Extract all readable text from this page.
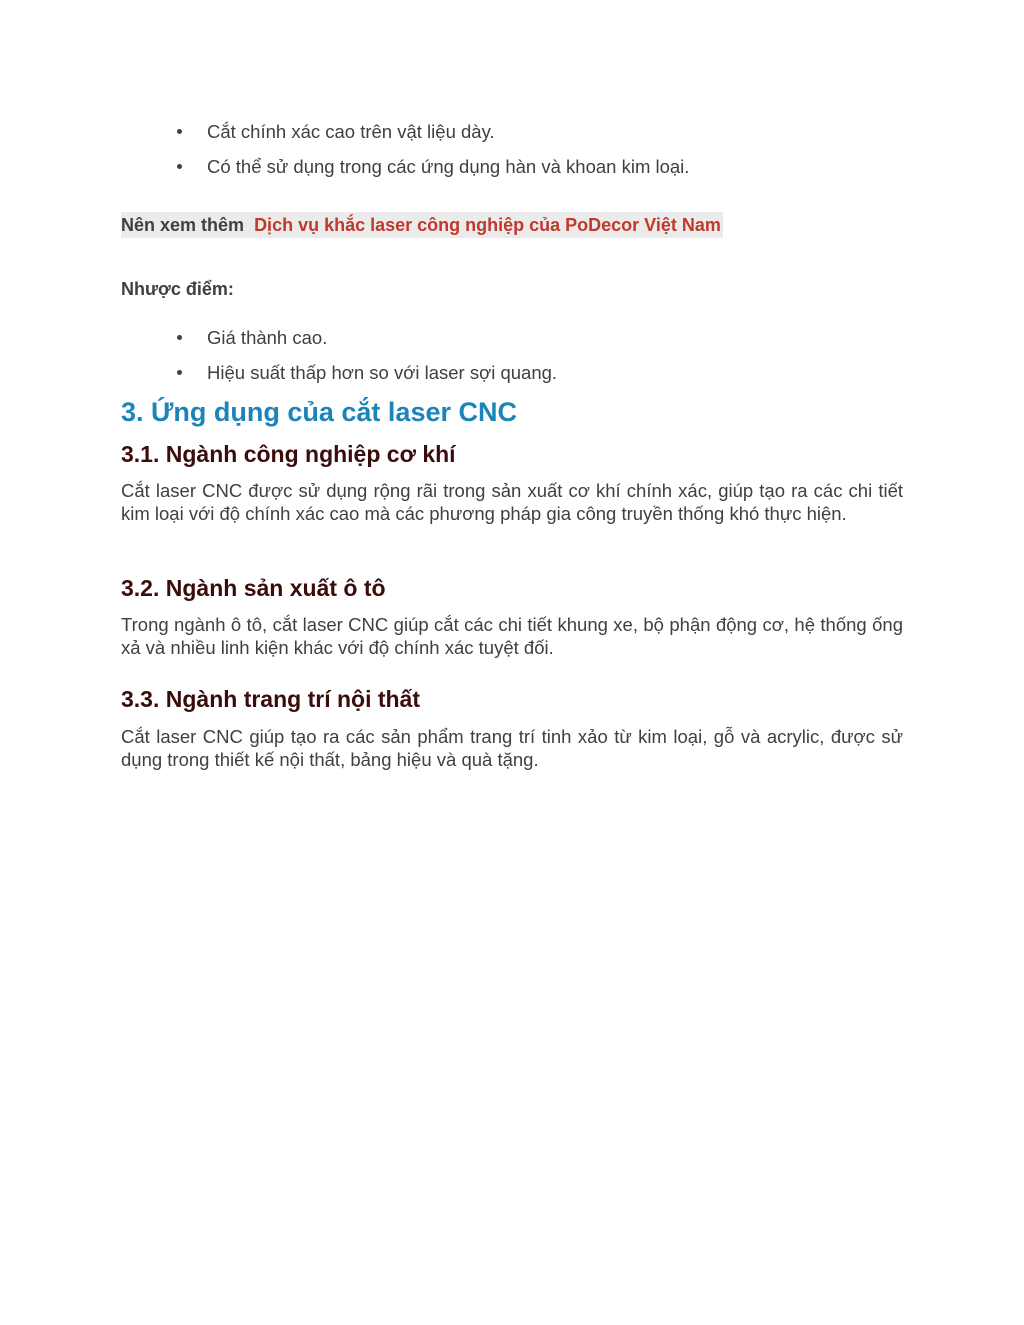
Cắt chính xác cao trên vật liệu dày.
Có thể sử dụng trong các ứng dụng hàn và khoan kim loại.
Nên xem thêm Dịch vụ khắc laser công nghiệp của PoDecor Việt Nam
Nhược điểm:
Giá thành cao.
Hiệu suất thấp hơn so với laser sợi quang.
3. Ứng dụng của cắt laser CNC
3.1. Ngành công nghiệp cơ khí

Cắt laser CNC được sử dụng rộng rãi trong sản xuất cơ khí chính xác, giúp tạo ra các chi tiết kim loại với độ chính xác cao mà các phương pháp gia công truyền thống khó thực hiện.

3.2. Ngành sản xuất ô tô

Trong ngành ô tô, cắt laser CNC giúp cắt các chi tiết khung xe, bộ phận động cơ, hệ thống ống xả và nhiều linh kiện khác với độ chính xác tuyệt đối.

3.3. Ngành trang trí nội thất

Cắt laser CNC giúp tạo ra các sản phẩm trang trí tinh xảo từ kim loại, gỗ và acrylic, được sử dụng trong thiết kế nội thất, bảng hiệu và quà tặng.
